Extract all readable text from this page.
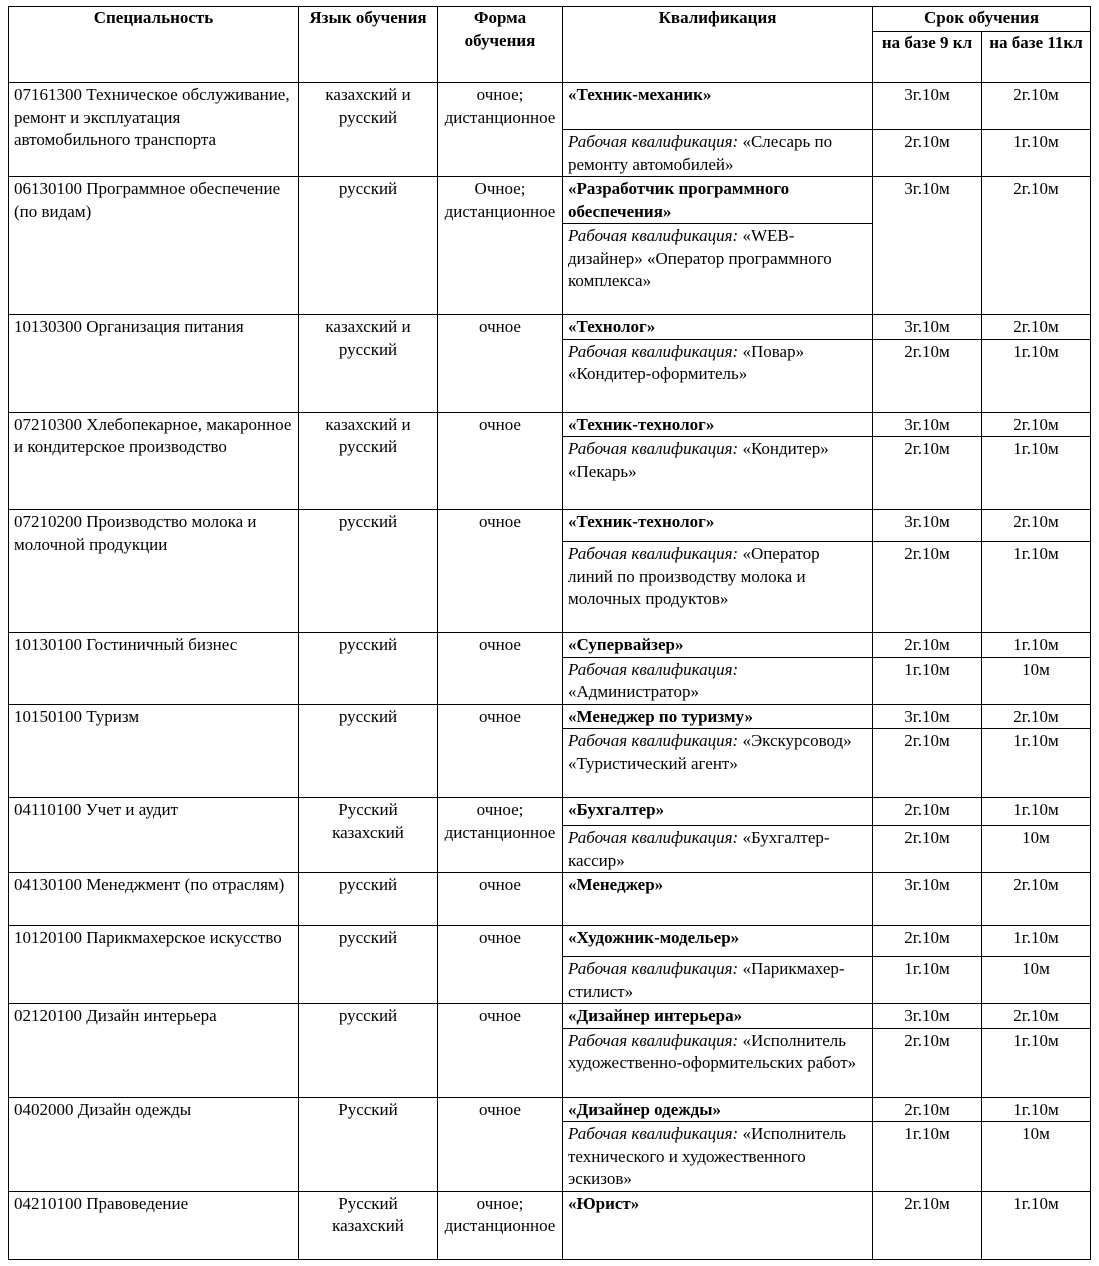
Специальность	Язык обучения	Форма обучения	Квалификация	Срок обучения	
				на базе 9 кл	на базе 11кл
07161300 Техническое обслуживание, ремонт и эксплуатация автомобильного транспорта	казахский и русский	очное; дистанционное	«Техник-механик»	3г.10м	2г.10м
			Рабочая квалификация: «Слесарь по ремонту автомобилей»	2г.10м	1г.10м
06130100 Программное обеспечение (по видам)	русский	Очное; дистанционное	«Разработчик программного обеспечения»	3г.10м	2г.10м
			Рабочая квалификация: «WEB-дизайнер» «Оператор программного комплекса»		
10130300 Организация питания	казахский и русский	очное	«Технолог»	3г.10м	2г.10м
			Рабочая квалификация: «Повар» «Кондитер-оформитель»	2г.10м	1г.10м
07210300 Хлебопекарное, макаронное и кондитерское производство	казахский и русский	очное	«Техник-технолог»	3г.10м	2г.10м
			Рабочая квалификация: «Кондитер» «Пекарь»	2г.10м	1г.10м
07210200 Производство молока и молочной продукции	русский	очное	«Техник-технолог»	3г.10м	2г.10м
			Рабочая квалификация: «Оператор линий по производству молока и молочных продуктов»	2г.10м	1г.10м
10130100 Гостиничный бизнес	русский	очное	«Супервайзер»	2г.10м	1г.10м
			Рабочая квалификация: «Администратор»	1г.10м	10м
10150100 Туризм	русский	очное	«Менеджер по туризму»	3г.10м	2г.10м
			Рабочая квалификация: «Экскурсовод» «Туристический агент»	2г.10м	1г.10м
04110100 Учет и аудит	Русский казахский	очное; дистанционное	«Бухгалтер»	2г.10м	1г.10м
			Рабочая квалификация: «Бухгалтер-кассир»	2г.10м	10м
04130100 Менеджмент (по отраслям)	русский	очное	«Менеджер»	3г.10м	2г.10м
10120100 Парикмахерское искусство	русский	очное	«Художник-модельер»	2г.10м	1г.10м
			Рабочая квалификация: «Парикмахер-стилист»	1г.10м	10м
02120100 Дизайн интерьера	русский	очное	«Дизайнер интерьера»	3г.10м	2г.10м
			Рабочая квалификация: «Исполнитель художественно-оформительских работ»	2г.10м	1г.10м
0402000 Дизайн одежды	Русский	очное	«Дизайнер одежды»	2г.10м	1г.10м
			Рабочая квалификация: «Исполнитель технического и художественного эскизов»	1г.10м	10м
04210100 Правоведение	Русский казахский	очное; дистанционное	«Юрист»	2г.10м	1г.10м
